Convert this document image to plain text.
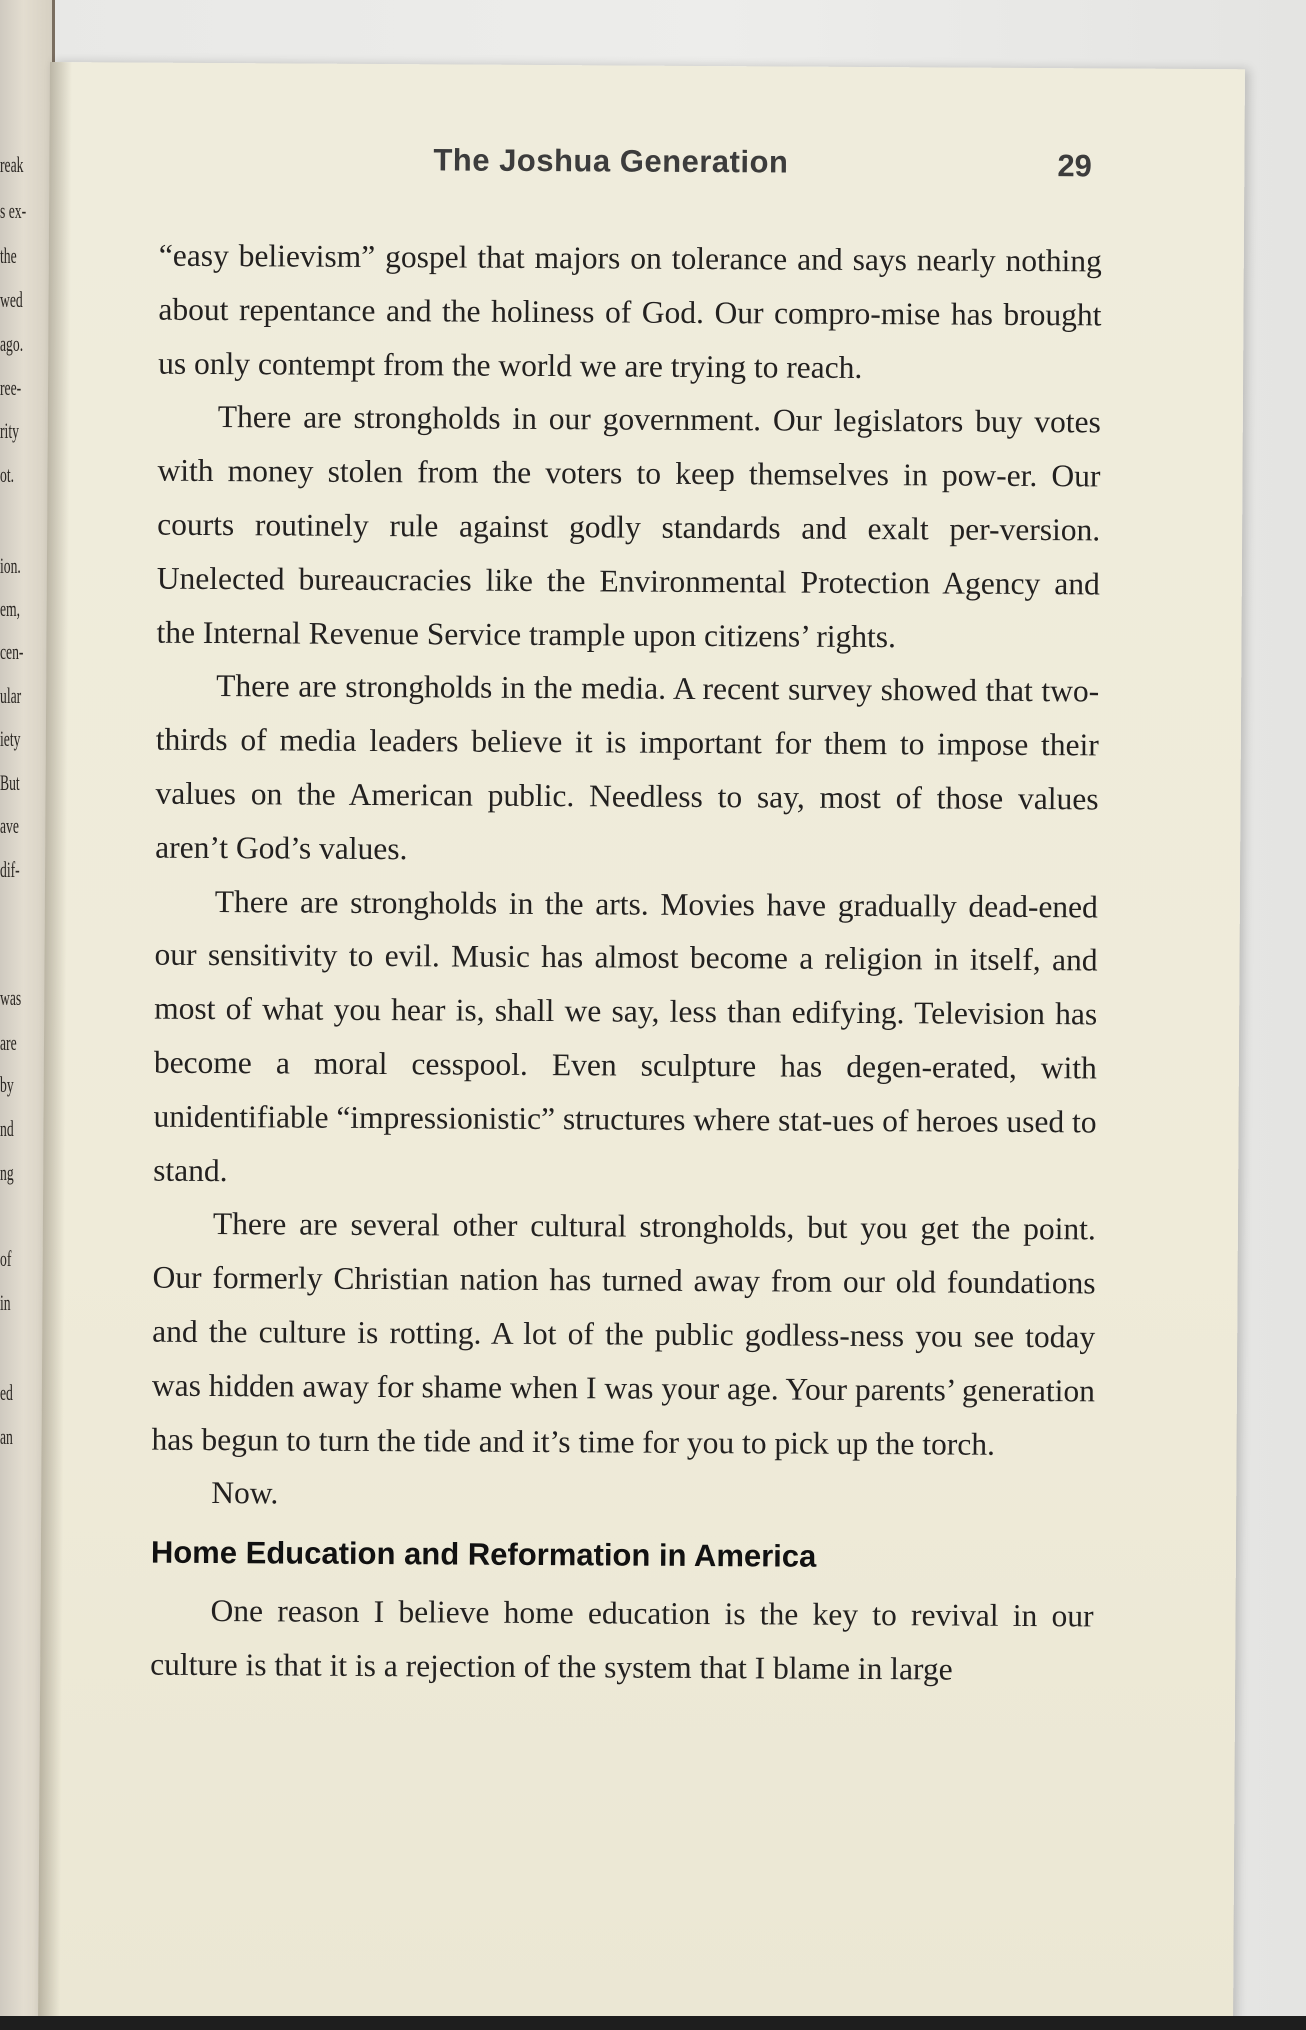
reak
s ex-
the
wed
ago.
ree-
rity
ot.
ion.
em,
cen-
ular
iety
But
ave
dif-
was
are
by
nd
ng
of
in
ed
an
The Joshua Generation	29

“easy believism” gospel that majors on tolerance and says nearly nothing about repentance and the holiness of God. Our compro-mise has brought us only contempt from the world we are trying to reach.

There are strongholds in our government. Our legislators buy votes with money stolen from the voters to keep themselves in pow-er. Our courts routinely rule against godly standards and exalt per-version. Unelected bureaucracies like the Environmental Protection Agency and the Internal Revenue Service trample upon citizens’ rights.

There are strongholds in the media. A recent survey showed that two-thirds of media leaders believe it is important for them to impose their values on the American public. Needless to say, most of those values aren’t God’s values.

There are strongholds in the arts. Movies have gradually dead-ened our sensitivity to evil. Music has almost become a religion in itself, and most of what you hear is, shall we say, less than edifying. Television has become a moral cesspool. Even sculpture has degen-erated, with unidentifiable “impressionistic” structures where stat-ues of heroes used to stand.

There are several other cultural strongholds, but you get the point. Our formerly Christian nation has turned away from our old foundations and the culture is rotting. A lot of the public godless-ness you see today was hidden away for shame when I was your age. Your parents’ generation has begun to turn the tide and it’s time for you to pick up the torch.

Now.

Home Education and Reformation in America

One reason I believe home education is the key to revival in our culture is that it is a rejection of the system that I blame in large
